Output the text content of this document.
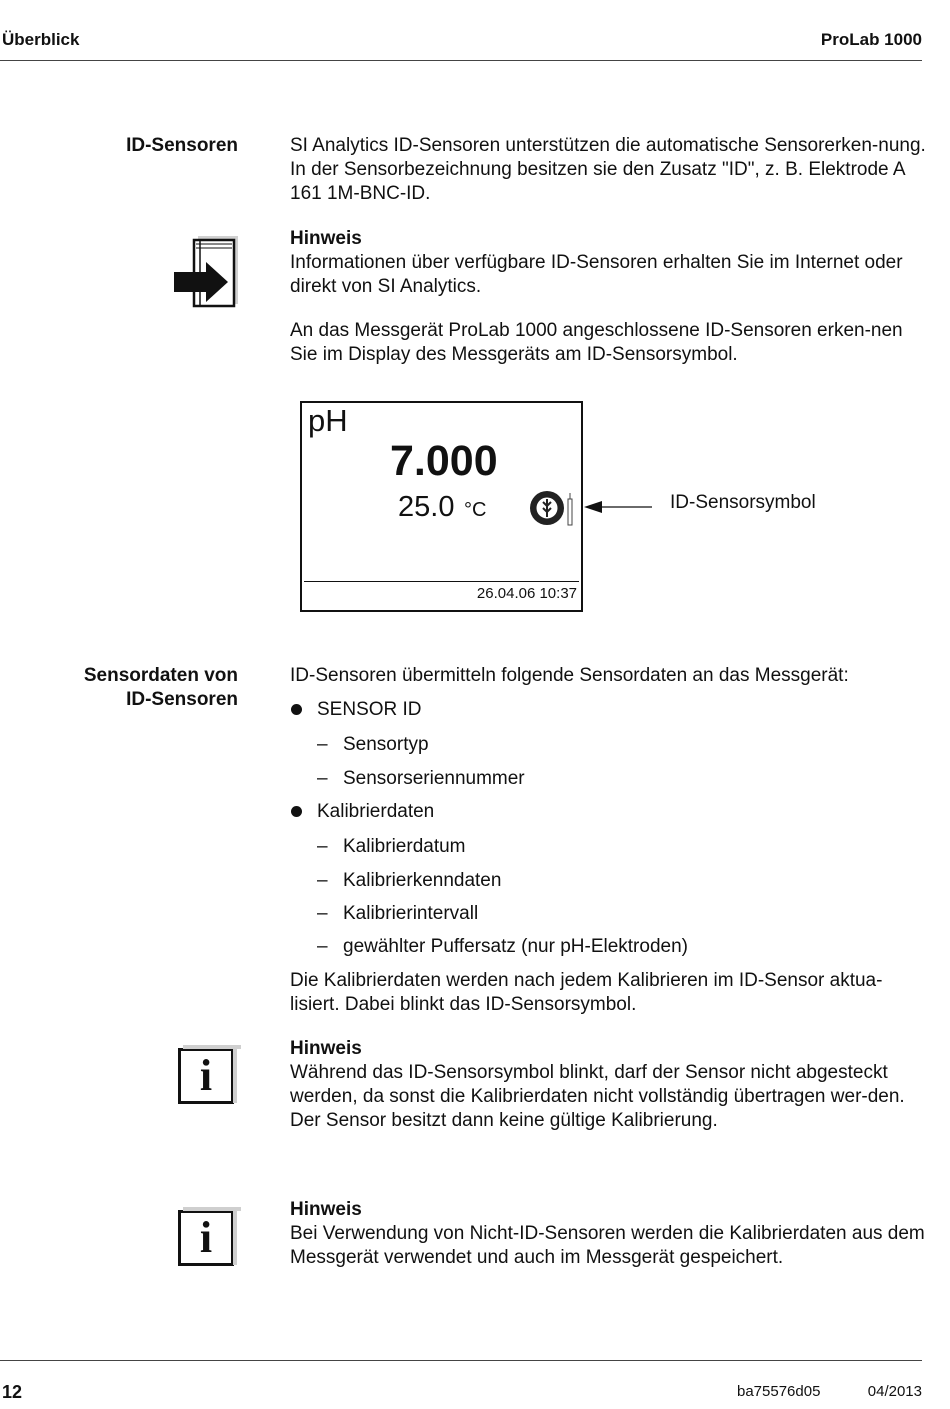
Überblick	ProLab 1000
ID-Sensoren	SI Analytics ID-Sensoren unterstützen die automatische Sensorerken-nung. In der Sensorbezeichnung besitzen sie den Zusatz "ID", z. B. Elektrode A 161 1M-BNC-ID.

Hinweis
Informationen über verfügbare ID-Sensoren erhalten Sie im Internet oder direkt von SI Analytics.

An das Messgerät ProLab 1000 angeschlossene ID-Sensoren erken-nen Sie im Display des Messgeräts am ID-Sensorsymbol.

pH
7.000
25.0 °C
26.04.06 10:37
ID-Sensorsymbol
Sensordaten von
ID-Sensoren

ID-Sensoren übermitteln folgende Sensordaten an das Messgerät:

SENSOR ID
– Sensortyp
– Sensorseriennummer
Kalibrierdaten
– Kalibrierdatum
– Kalibrierkenndaten
– Kalibrierintervall
– gewählter Puffersatz (nur pH-Elektroden)

Die Kalibrierdaten werden nach jedem Kalibrieren im ID-Sensor aktua-lisiert. Dabei blinkt das ID-Sensorsymbol.

i

Hinweis
Während das ID-Sensorsymbol blinkt, darf der Sensor nicht abgesteckt werden, da sonst die Kalibrierdaten nicht vollständig übertragen wer-den. Der Sensor besitzt dann keine gültige Kalibrierung.

i

Hinweis
Bei Verwendung von Nicht-ID-Sensoren werden die Kalibrierdaten aus dem Messgerät verwendet und auch im Messgerät gespeichert.

12	ba75576d05	04/2013
